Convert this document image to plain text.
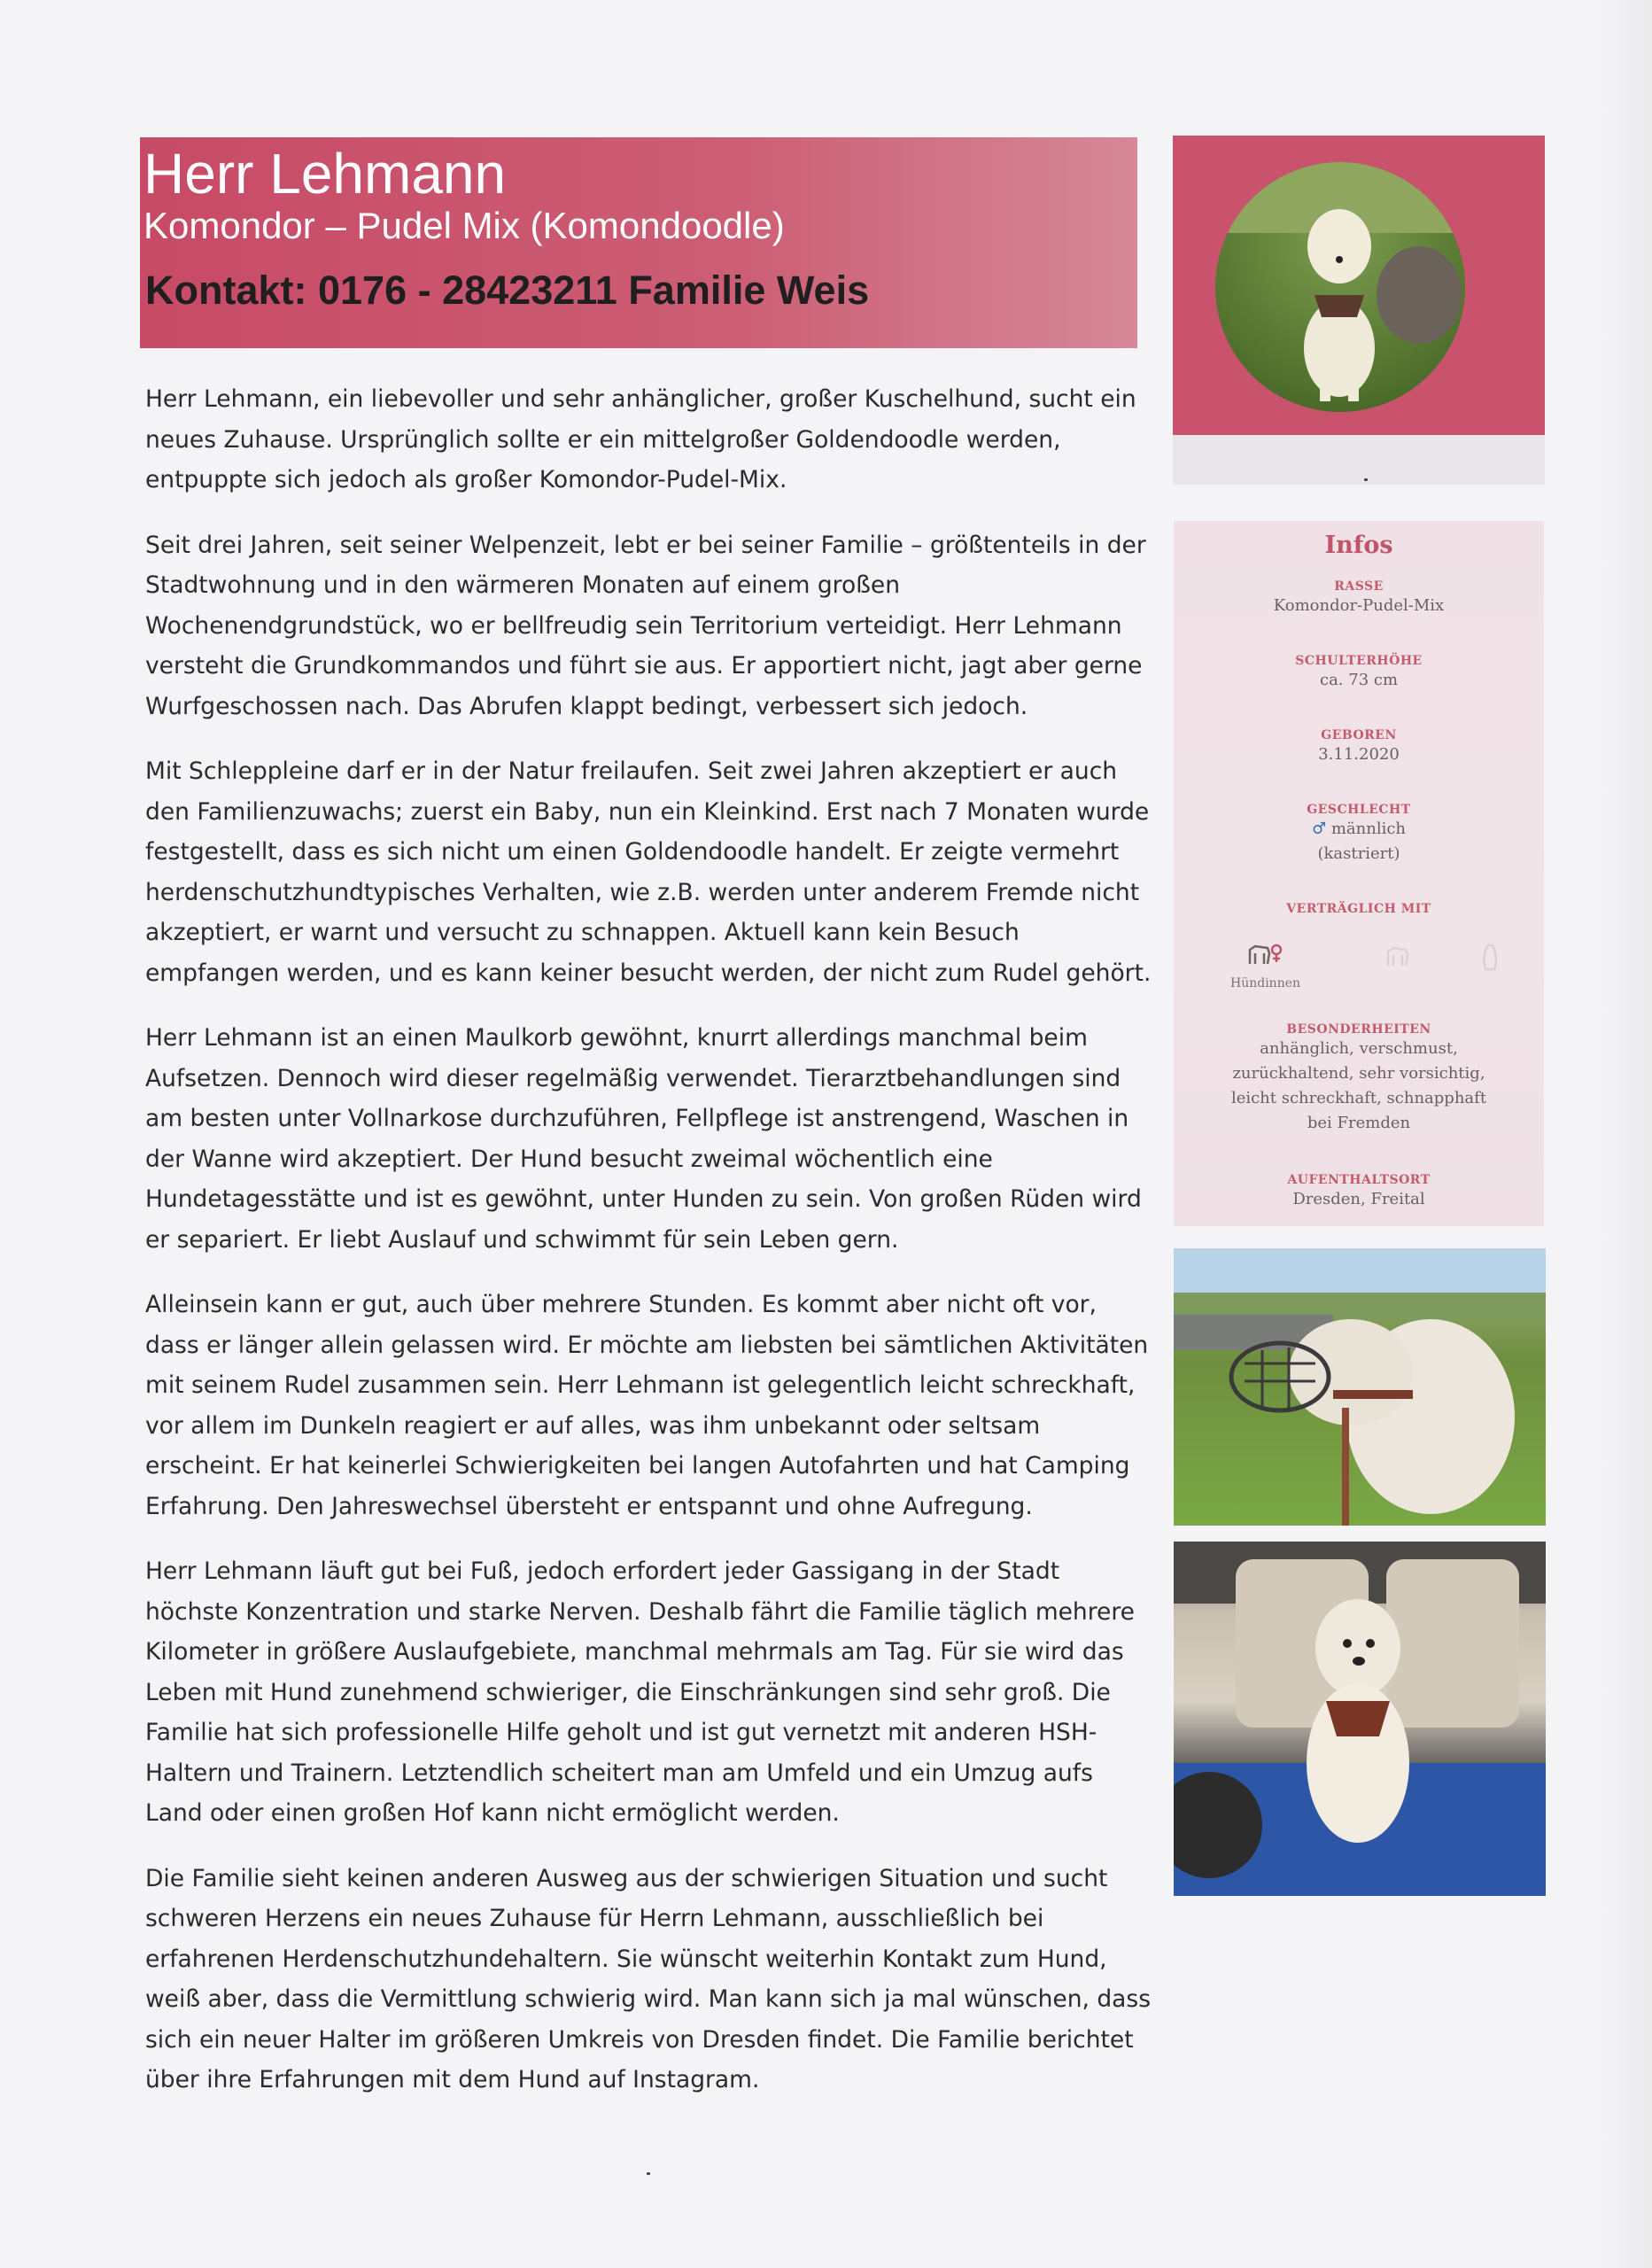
Herr Lehmann
Komondor – Pudel Mix (Komondoodle)
Kontakt: 0176 - 28423211 Familie Weis

Herr Lehmann, ein liebevoller und sehr anhänglicher, großer Kuschelhund, sucht ein neues Zuhause. Ursprünglich sollte er ein mittelgroßer Goldendoodle werden, entpuppte sich jedoch als großer Komondor-Pudel-Mix.

Seit drei Jahren, seit seiner Welpenzeit, lebt er bei seiner Familie – größtenteils in der Stadtwohnung und in den wärmeren Monaten auf einem großen Wochenendgrundstück, wo er bellfreudig sein Territorium verteidigt. Herr Lehmann versteht die Grundkommandos und führt sie aus. Er apportiert nicht, jagt aber gerne Wurfgeschossen nach. Das Abrufen klappt bedingt, verbessert sich jedoch.

Mit Schleppleine darf er in der Natur freilaufen. Seit zwei Jahren akzeptiert er auch den Familienzuwachs; zuerst ein Baby, nun ein Kleinkind. Erst nach 7 Monaten wurde festgestellt, dass es sich nicht um einen Goldendoodle handelt. Er zeigte vermehrt herdenschutzhundtypisches Verhalten, wie z.B. werden unter anderem Fremde nicht akzeptiert, er warnt und versucht zu schnappen. Aktuell kann kein Besuch empfangen werden, und es kann keiner besucht werden, der nicht zum Rudel gehört.

Herr Lehmann ist an einen Maulkorb gewöhnt, knurrt allerdings manchmal beim Aufsetzen. Dennoch wird dieser regelmäßig verwendet. Tierarztbehandlungen sind am besten unter Vollnarkose durchzuführen, Fellpflege ist anstrengend, Waschen in der Wanne wird akzeptiert. Der Hund besucht zweimal wöchentlich eine Hundetagesstätte und ist es gewöhnt, unter Hunden zu sein. Von großen Rüden wird er separiert. Er liebt Auslauf und schwimmt für sein Leben gern.

Alleinsein kann er gut, auch über mehrere Stunden. Es kommt aber nicht oft vor, dass er länger allein gelassen wird. Er möchte am liebsten bei sämtlichen Aktivitäten mit seinem Rudel zusammen sein. Herr Lehmann ist gelegentlich leicht schreckhaft, vor allem im Dunkeln reagiert er auf alles, was ihm unbekannt oder seltsam erscheint. Er hat keinerlei Schwierigkeiten bei langen Autofahrten und hat Camping Erfahrung. Den Jahreswechsel übersteht er entspannt und ohne Aufregung.

Herr Lehmann läuft gut bei Fuß, jedoch erfordert jeder Gassigang in der Stadt höchste Konzentration und starke Nerven. Deshalb fährt die Familie täglich mehrere Kilometer in größere Auslaufgebiete, manchmal mehrmals am Tag. Für sie wird das Leben mit Hund zunehmend schwieriger, die Einschränkungen sind sehr groß. Die Familie hat sich professionelle Hilfe geholt und ist gut vernetzt mit anderen HSH-Haltern und Trainern. Letztendlich scheitert man am Umfeld und ein Umzug aufs Land oder einen großen Hof kann nicht ermöglicht werden.

Die Familie sieht keinen anderen Ausweg aus der schwierigen Situation und sucht schweren Herzens ein neues Zuhause für Herrn Lehmann, ausschließlich bei erfahrenen Herdenschutzhundehaltern. Sie wünscht weiterhin Kontakt zum Hund, weiß aber, dass die Vermittlung schwierig wird. Man kann sich ja mal wünschen, dass sich ein neuer Halter im größeren Umkreis von Dresden findet. Die Familie berichtet über ihre Erfahrungen mit dem Hund auf Instagram.

Infos
RASSE
Komondor-Pudel-Mix
SCHULTERHÖHE
ca. 73 cm
GEBOREN
3.11.2020
GESCHLECHT
♂ männlich
(kastriert)
VERTRÄGLICH MIT
Hündinnen
BESONDERHEITEN
anhänglich, verschmust,
zurückhaltend, sehr vorsichtig,
leicht schreckhaft, schnapphaft
bei Fremden
AUFENTHALTSORT
Dresden, Freital
